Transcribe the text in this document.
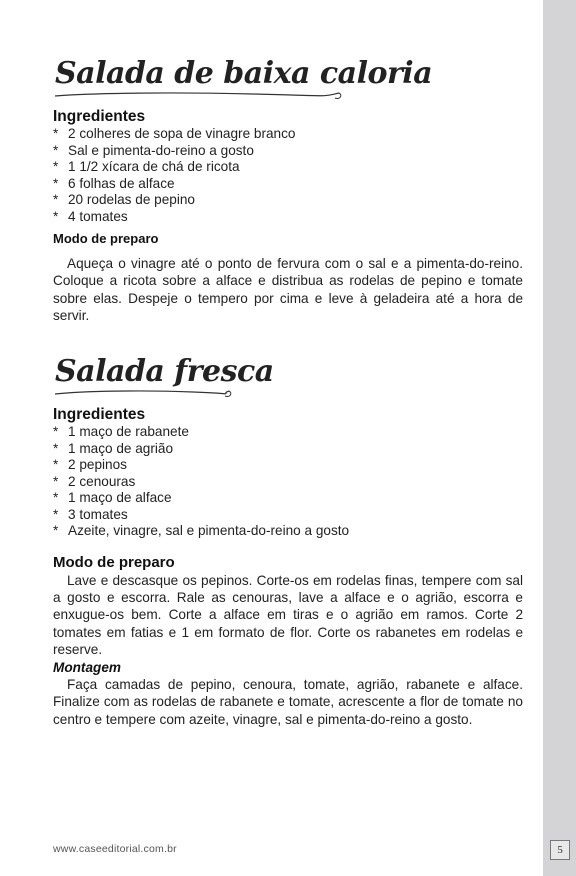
5
Salada de baixa caloria
Ingredientes
* 2 colheres de sopa de vinagre branco
* Sal e pimenta-do-reino a gosto
* 1 1/2 xícara de chá de ricota
* 6 folhas de alface
* 20 rodelas de pepino
* 4 tomates
Modo de preparo

Aqueça o vinagre até o ponto de fervura com o sal e a pimenta-do-reino. Coloque a ricota sobre a alface e distribua as rodelas de pepino e tomate sobre elas. Despeje o tempero por cima e leve à geladeira até a hora de servir.

Salada fresca
Ingredientes
* 1 maço de rabanete
* 1 maço de agrião
* 2 pepinos
* 2 cenouras
* 1 maço de alface
* 3 tomates
* Azeite, vinagre, sal e pimenta-do-reino a gosto
Modo de preparo

Lave e descasque os pepinos. Corte-os em rodelas finas, tempere com sal a gosto e escorra. Rale as cenouras, lave a alface e o agrião, escorra e enxugue-os bem. Corte a alface em tiras e o agrião em ramos. Corte 2 tomates em fatias e 1 em formato de flor. Corte os rabanetes em rodelas e reserve.

Montagem

Faça camadas de pepino, cenoura, tomate, agrião, rabanete e alface. Finalize com as rodelas de rabanete e tomate, acrescente a flor de tomate no centro e tempere com azeite, vinagre, sal e pimenta-do-reino a gosto.

www.caseeditorial.com.br
